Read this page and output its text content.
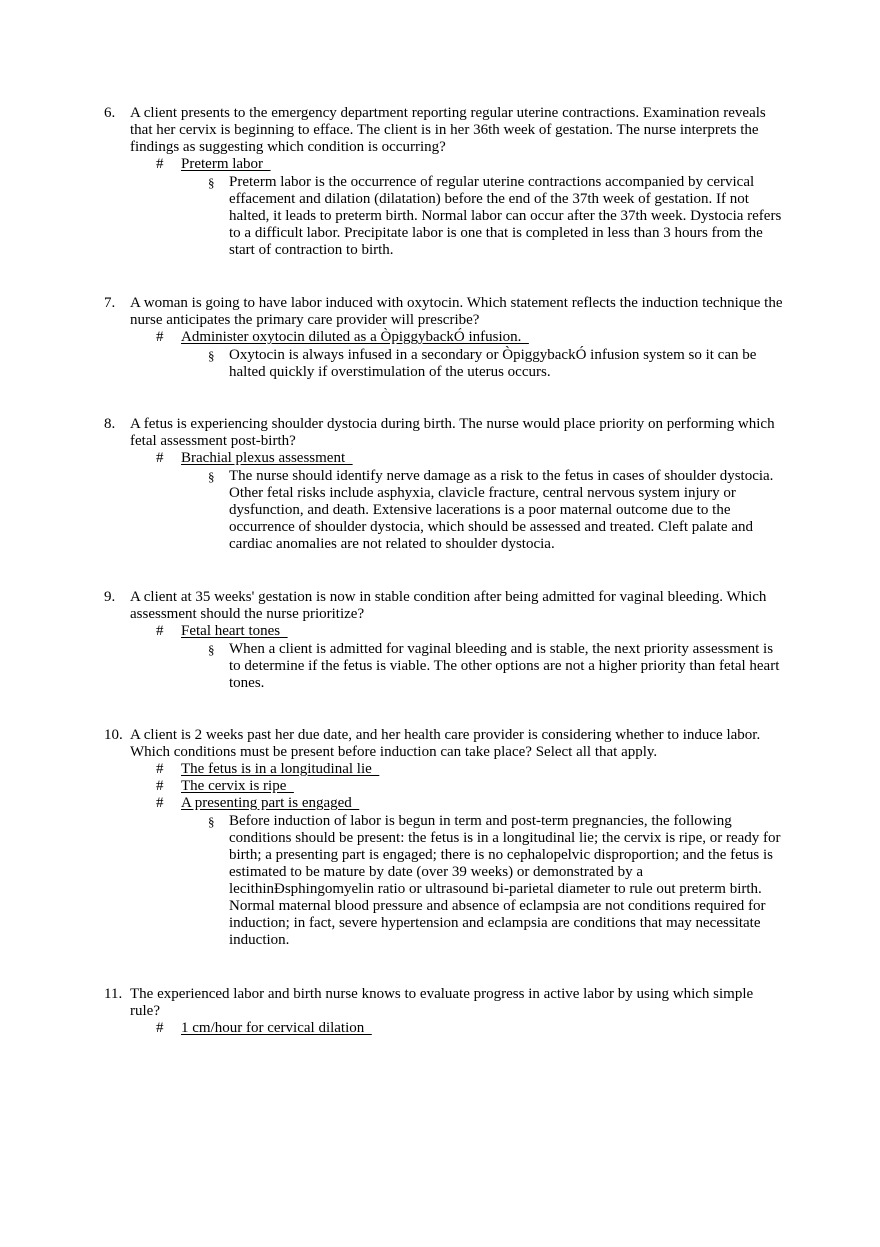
6. A client presents to the emergency department reporting regular uterine contractions. Examination reveals that her cervix is beginning to efface. The client is in her 36th week of gestation. The nurse interprets the findings as suggesting which condition is occurring?
#	Preterm labor
§ Preterm labor is the occurrence of regular uterine contractions accompanied by cervical effacement and dilation (dilatation) before the end of the 37th week of gestation. If not halted, it leads to preterm birth. Normal labor can occur after the 37th week. Dystocia refers to a difficult labor. Precipitate labor is one that is completed in less than 3 hours from the start of contraction to birth.
7. A woman is going to have labor induced with oxytocin. Which statement reflects the induction technique the nurse anticipates the primary care provider will prescribe?
#	Administer oxytocin diluted as a ÒpiggybackÓ infusion.
§ Oxytocin is always infused in a secondary or ÒpiggybackÓ infusion system so it can be halted quickly if overstimulation of the uterus occurs.
8. A fetus is experiencing shoulder dystocia during birth. The nurse would place priority on performing which fetal assessment post-birth?
#	Brachial plexus assessment
§ The nurse should identify nerve damage as a risk to the fetus in cases of shoulder dystocia. Other fetal risks include asphyxia, clavicle fracture, central nervous system injury or dysfunction, and death. Extensive lacerations is a poor maternal outcome due to the occurrence of shoulder dystocia, which should be assessed and treated. Cleft palate and cardiac anomalies are not related to shoulder dystocia.
9. A client at 35 weeks' gestation is now in stable condition after being admitted for vaginal bleeding. Which assessment should the nurse prioritize?
#	Fetal heart tones
§ When a client is admitted for vaginal bleeding and is stable, the next priority assessment is to determine if the fetus is viable. The other options are not a higher priority than fetal heart tones.
10. A client is 2 weeks past her due date, and her health care provider is considering whether to induce labor. Which conditions must be present before induction can take place? Select all that apply.
#	The fetus is in a longitudinal lie
#	The cervix is ripe
#	A presenting part is engaged
§ Before induction of labor is begun in term and post-term pregnancies, the following conditions should be present: the fetus is in a longitudinal lie; the cervix is ripe, or ready for birth; a presenting part is engaged; there is no cephalopelvic disproportion; and the fetus is estimated to be mature by date (over 39 weeks) or demonstrated by a lecithinÐsphingomyelin ratio or ultrasound bi-parietal diameter to rule out preterm birth. Normal maternal blood pressure and absence of eclampsia are not conditions required for induction; in fact, severe hypertension and eclampsia are conditions that may necessitate induction.
11. The experienced labor and birth nurse knows to evaluate progress in active labor by using which simple rule?
#	1 cm/hour for cervical dilation
